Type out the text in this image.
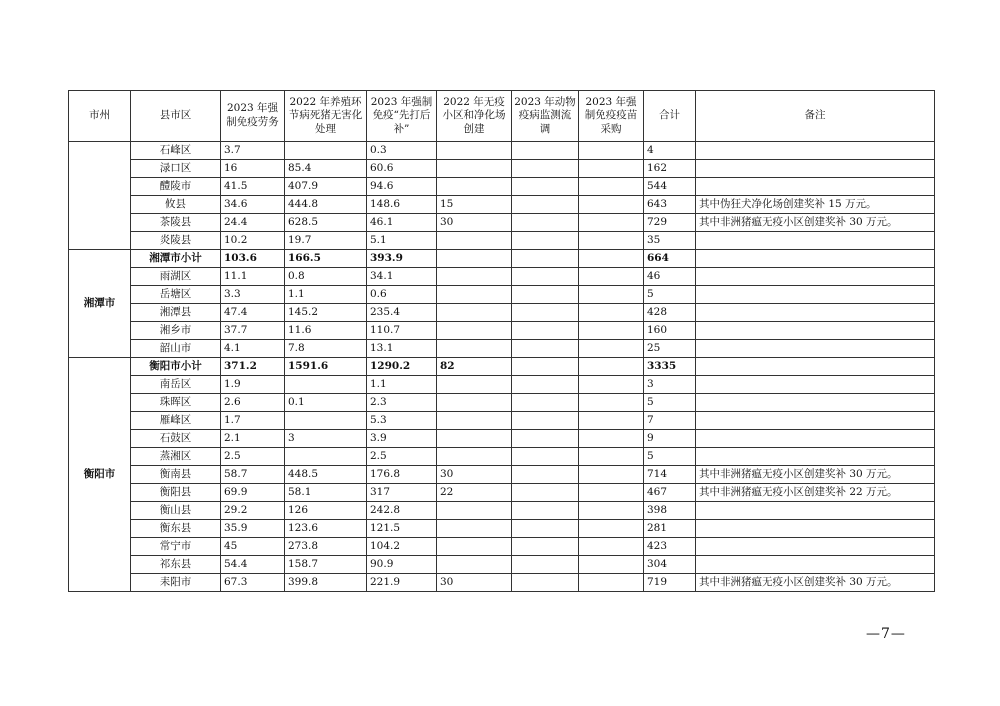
市州	县市区	2023 年强制免疫劳务	2022 年养殖环节病死猪无害化处理	2023 年强制免疫“先打后补”	2022 年无疫小区和净化场创建	2023 年动物疫病监测流调	2023 年强制免疫疫苗采购	合计	备注
	石峰区	3.7		0.3				4	
	渌口区	16	85.4	60.6				162	
	醴陵市	41.5	407.9	94.6				544	
	攸县	34.6	444.8	148.6	15			643	其中伪狂犬净化场创建奖补 15 万元。
	茶陵县	24.4	628.5	46.1	30			729	其中非洲猪瘟无疫小区创建奖补 30 万元。
	炎陵县	10.2	19.7	5.1				35	
湘潭市	湘潭市小计	103.6	166.5	393.9				664	
	雨湖区	11.1	0.8	34.1				46	
	岳塘区	3.3	1.1	0.6				5	
	湘潭县	47.4	145.2	235.4				428	
	湘乡市	37.7	11.6	110.7				160	
	韶山市	4.1	7.8	13.1				25	
衡阳市	衡阳市小计	371.2	1591.6	1290.2	82			3335	
	南岳区	1.9		1.1				3	
	珠晖区	2.6	0.1	2.3				5	
	雁峰区	1.7		5.3				7	
	石鼓区	2.1	3	3.9				9	
	蒸湘区	2.5		2.5				5	
	衡南县	58.7	448.5	176.8	30			714	其中非洲猪瘟无疫小区创建奖补 30 万元。
	衡阳县	69.9	58.1	317	22			467	其中非洲猪瘟无疫小区创建奖补 22 万元。
	衡山县	29.2	126	242.8				398	
	衡东县	35.9	123.6	121.5				281	
	常宁市	45	273.8	104.2				423	
	祁东县	54.4	158.7	90.9				304	
	耒阳市	67.3	399.8	221.9	30			719	其中非洲猪瘟无疫小区创建奖补 30 万元。
—7—
